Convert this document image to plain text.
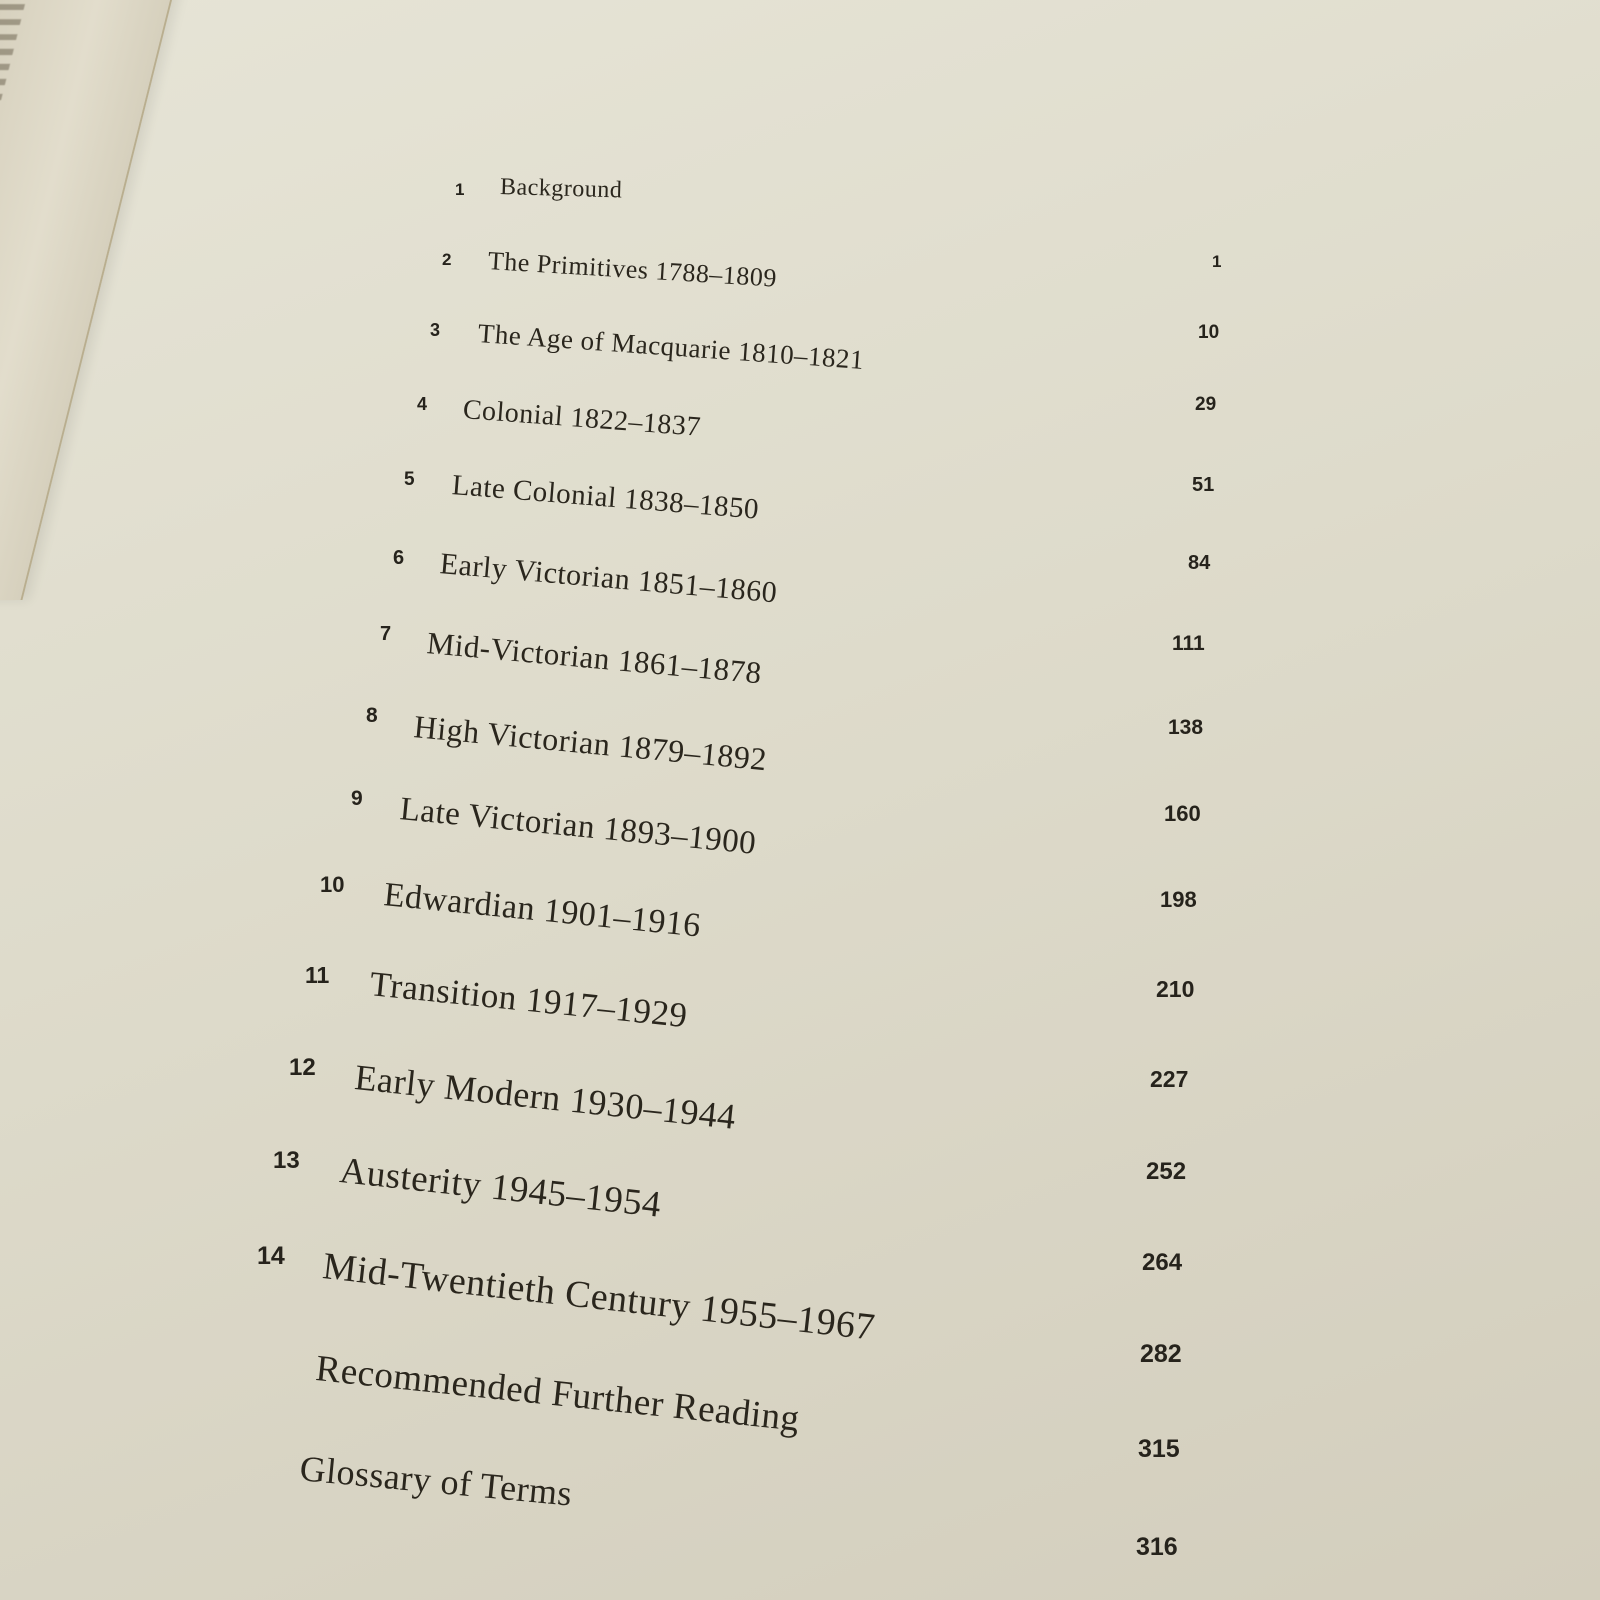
1 Background
1
2 The Primitives 1788–1809
10
3 The Age of Macquarie 1810–1821
29
4 Colonial 1822–1837
51
5 Late Colonial 1838–1850
84
6 Early Victorian 1851–1860
111
7 Mid-Victorian 1861–1878
138
8 High Victorian 1879–1892
160
9 Late Victorian 1893–1900
198
10 Edwardian 1901–1916
210
11 Transition 1917–1929
227
12 Early Modern 1930–1944
252
13 Austerity 1945–1954
264
14 Mid-Twentieth Century 1955–1967
282
Recommended Further Reading
315
Glossary of Terms
316
